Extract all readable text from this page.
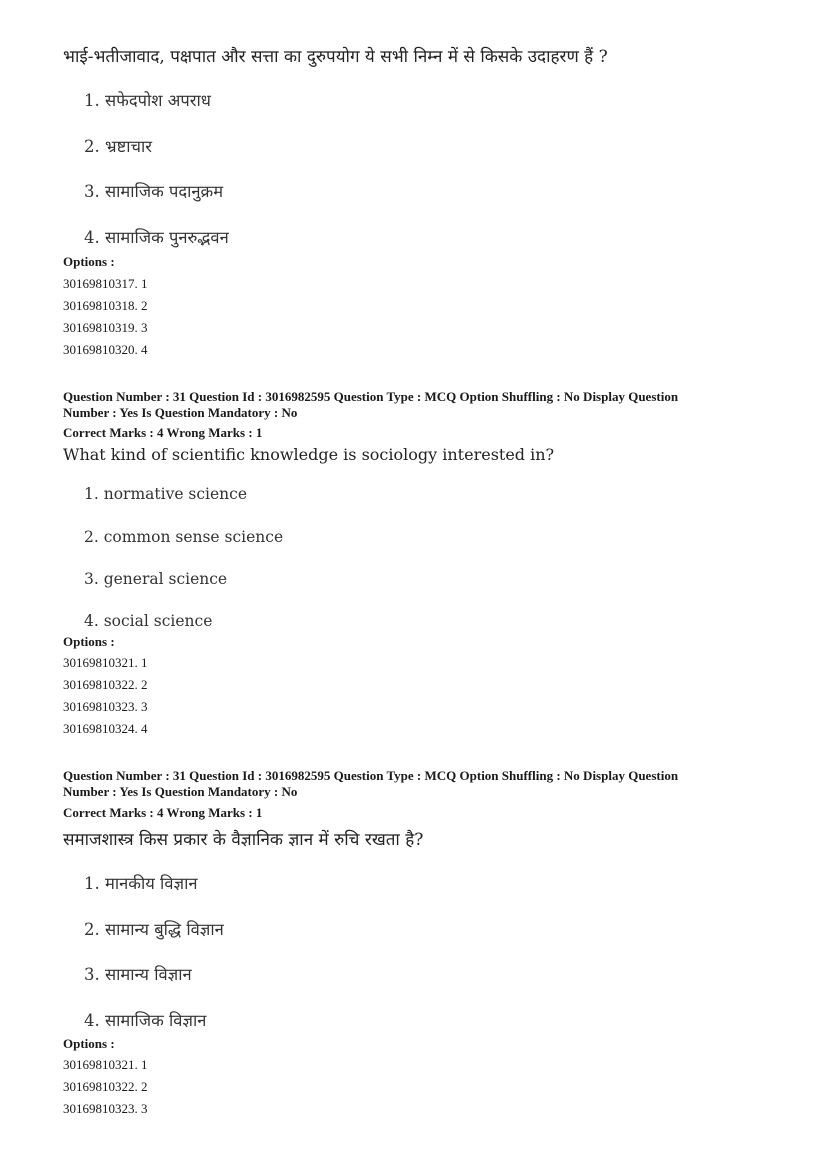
भाई-भतीजावाद, पक्षपात और सत्ता का दुरुपयोग ये सभी निम्न में से किसके उदाहरण हैं ?
1. सफेदपोश अपराध
2. भ्रष्टाचार
3. सामाजिक पदानुक्रम
4. सामाजिक पुनरुद्भवन
Options :
30169810317. 1
30169810318. 2
30169810319. 3
30169810320. 4
Question Number : 31 Question Id : 3016982595 Question Type : MCQ Option Shuffling : No Display Question
Number : Yes Is Question Mandatory : No
Correct Marks : 4 Wrong Marks : 1
What kind of scientific knowledge is sociology interested in?
1. normative science
2. common sense science
3. general science
4. social science
Options :
30169810321. 1
30169810322. 2
30169810323. 3
30169810324. 4
Question Number : 31 Question Id : 3016982595 Question Type : MCQ Option Shuffling : No Display Question
Number : Yes Is Question Mandatory : No
Correct Marks : 4 Wrong Marks : 1
समाजशास्त्र किस प्रकार के वैज्ञानिक ज्ञान में रुचि रखता है?
1. मानकीय विज्ञान
2. सामान्य बुद्धि विज्ञान
3. सामान्य विज्ञान
4. सामाजिक विज्ञान
Options :
30169810321. 1
30169810322. 2
30169810323. 3
